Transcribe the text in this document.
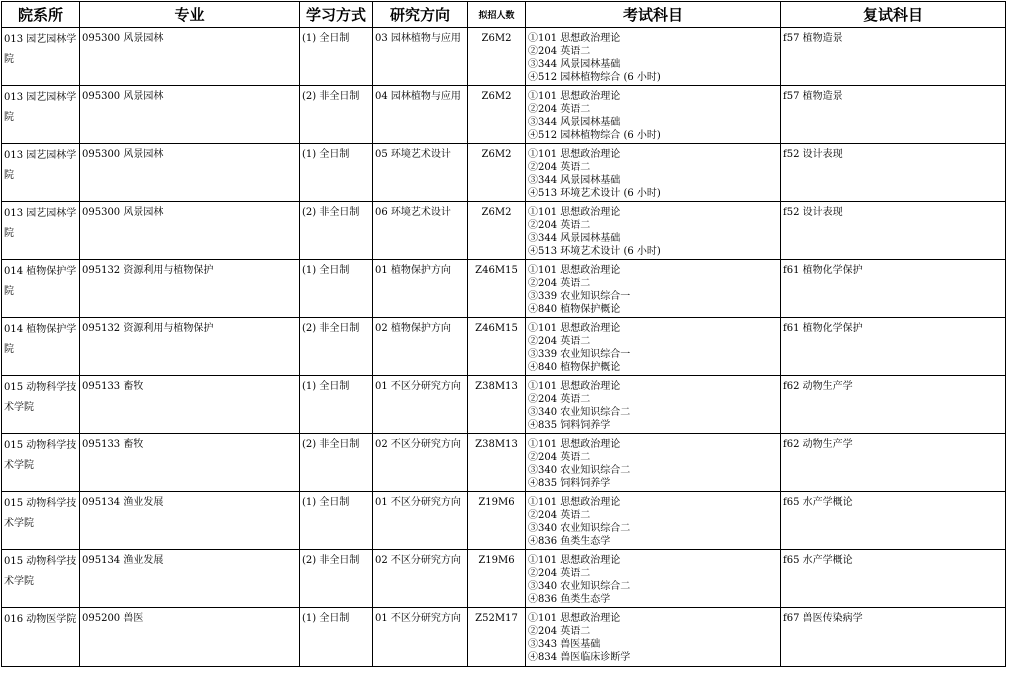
院系所	专业	学习方式	研究方向	拟招人数	考试科目	复试科目
013 园艺园林学院	095300 风景园林	(1) 全日制	03 园林植物与应用	Z6M2	①101 思想政治理论
②204 英语二
③344 风景园林基础
④512 园林植物综合 (6 小时)	f57 植物造景
013 园艺园林学院	095300 风景园林	(2) 非全日制	04 园林植物与应用	Z6M2	①101 思想政治理论
②204 英语二
③344 风景园林基础
④512 园林植物综合 (6 小时)	f57 植物造景
013 园艺园林学院	095300 风景园林	(1) 全日制	05 环境艺术设计	Z6M2	①101 思想政治理论
②204 英语二
③344 风景园林基础
④513 环境艺术设计 (6 小时)	f52 设计表现
013 园艺园林学院	095300 风景园林	(2) 非全日制	06 环境艺术设计	Z6M2	①101 思想政治理论
②204 英语二
③344 风景园林基础
④513 环境艺术设计 (6 小时)	f52 设计表现
014 植物保护学院	095132 资源利用与植物保护	(1) 全日制	01 植物保护方向	Z46M15	①101 思想政治理论
②204 英语二
③339 农业知识综合一
④840 植物保护概论	f61 植物化学保护
014 植物保护学院	095132 资源利用与植物保护	(2) 非全日制	02 植物保护方向	Z46M15	①101 思想政治理论
②204 英语二
③339 农业知识综合一
④840 植物保护概论	f61 植物化学保护
015 动物科学技术学院	095133 畜牧	(1) 全日制	01 不区分研究方向	Z38M13	①101 思想政治理论
②204 英语二
③340 农业知识综合二
④835 饲料饲养学	f62 动物生产学
015 动物科学技术学院	095133 畜牧	(2) 非全日制	02 不区分研究方向	Z38M13	①101 思想政治理论
②204 英语二
③340 农业知识综合二
④835 饲料饲养学	f62 动物生产学
015 动物科学技术学院	095134 渔业发展	(1) 全日制	01 不区分研究方向	Z19M6	①101 思想政治理论
②204 英语二
③340 农业知识综合二
④836 鱼类生态学	f65 水产学概论
015 动物科学技术学院	095134 渔业发展	(2) 非全日制	02 不区分研究方向	Z19M6	①101 思想政治理论
②204 英语二
③340 农业知识综合二
④836 鱼类生态学	f65 水产学概论
016 动物医学院	095200 兽医	(1) 全日制	01 不区分研究方向	Z52M17	①101 思想政治理论
②204 英语二
③343 兽医基础
④834 兽医临床诊断学	f67 兽医传染病学
